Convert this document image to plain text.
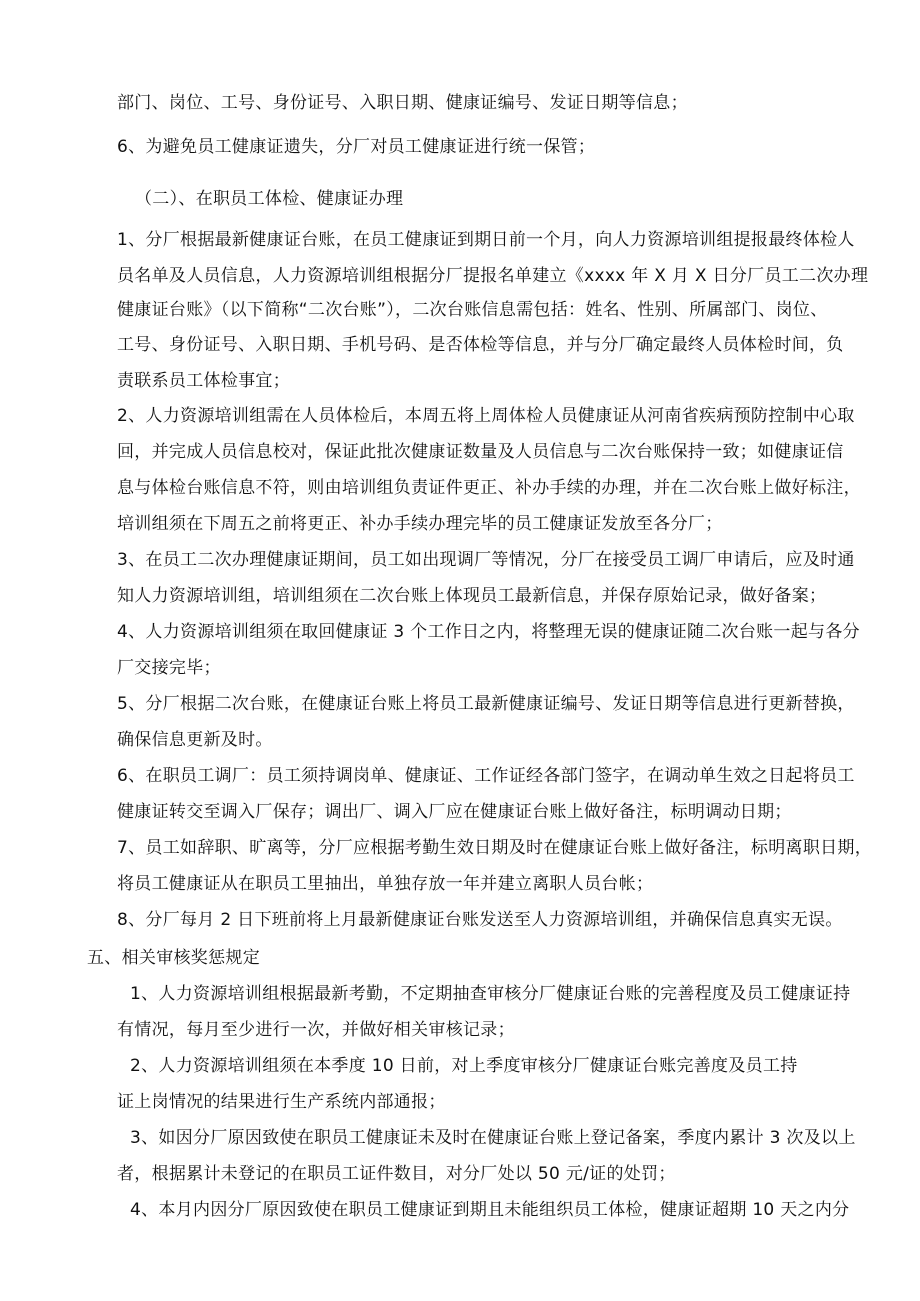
部门、岗位、工号、身份证号、入职日期、健康证编号、发证日期等信息；
6、为避免员工健康证遗失，分厂对员工健康证进行统一保管；
（二）、在职员工体检、健康证办理
1、分厂根据最新健康证台账，在员工健康证到期日前一个月，向人力资源培训组提报最终体检人
员名单及人员信息，人力资源培训组根据分厂提报名单建立《xxxx 年 X 月 X 日分厂员工二次办理
健康证台账》（以下简称“二次台账”），二次台账信息需包括：姓名、性别、所属部门、岗位、
工号、身份证号、入职日期、手机号码、是否体检等信息，并与分厂确定最终人员体检时间，负
责联系员工体检事宜；
2、人力资源培训组需在人员体检后，本周五将上周体检人员健康证从河南省疾病预防控制中心取
回，并完成人员信息校对，保证此批次健康证数量及人员信息与二次台账保持一致；如健康证信
息与体检台账信息不符，则由培训组负责证件更正、补办手续的办理，并在二次台账上做好标注，
培训组须在下周五之前将更正、补办手续办理完毕的员工健康证发放至各分厂；
3、在员工二次办理健康证期间，员工如出现调厂等情况，分厂在接受员工调厂申请后，应及时通
知人力资源培训组，培训组须在二次台账上体现员工最新信息，并保存原始记录，做好备案；
4、人力资源培训组须在取回健康证 3 个工作日之内，将整理无误的健康证随二次台账一起与各分
厂交接完毕；
5、分厂根据二次台账，在健康证台账上将员工最新健康证编号、发证日期等信息进行更新替换，
确保信息更新及时。
6、在职员工调厂：员工须持调岗单、健康证、工作证经各部门签字，在调动单生效之日起将员工
健康证转交至调入厂保存；调出厂、调入厂应在健康证台账上做好备注，标明调动日期；
7、员工如辞职、旷离等，分厂应根据考勤生效日期及时在健康证台账上做好备注，标明离职日期，
将员工健康证从在职员工里抽出，单独存放一年并建立离职人员台帐；
8、分厂每月 2 日下班前将上月最新健康证台账发送至人力资源培训组，并确保信息真实无误。
五、相关审核奖惩规定
1、人力资源培训组根据最新考勤，不定期抽查审核分厂健康证台账的完善程度及员工健康证持
有情况，每月至少进行一次，并做好相关审核记录；
2、人力资源培训组须在本季度 10 日前，对上季度审核分厂健康证台账完善度及员工持
证上岗情况的结果进行生产系统内部通报；
3、如因分厂原因致使在职员工健康证未及时在健康证台账上登记备案，季度内累计 3 次及以上
者，根据累计未登记的在职员工证件数目，对分厂处以 50 元/证的处罚；
4、本月内因分厂原因致使在职员工健康证到期且未能组织员工体检，健康证超期 10 天之内分
